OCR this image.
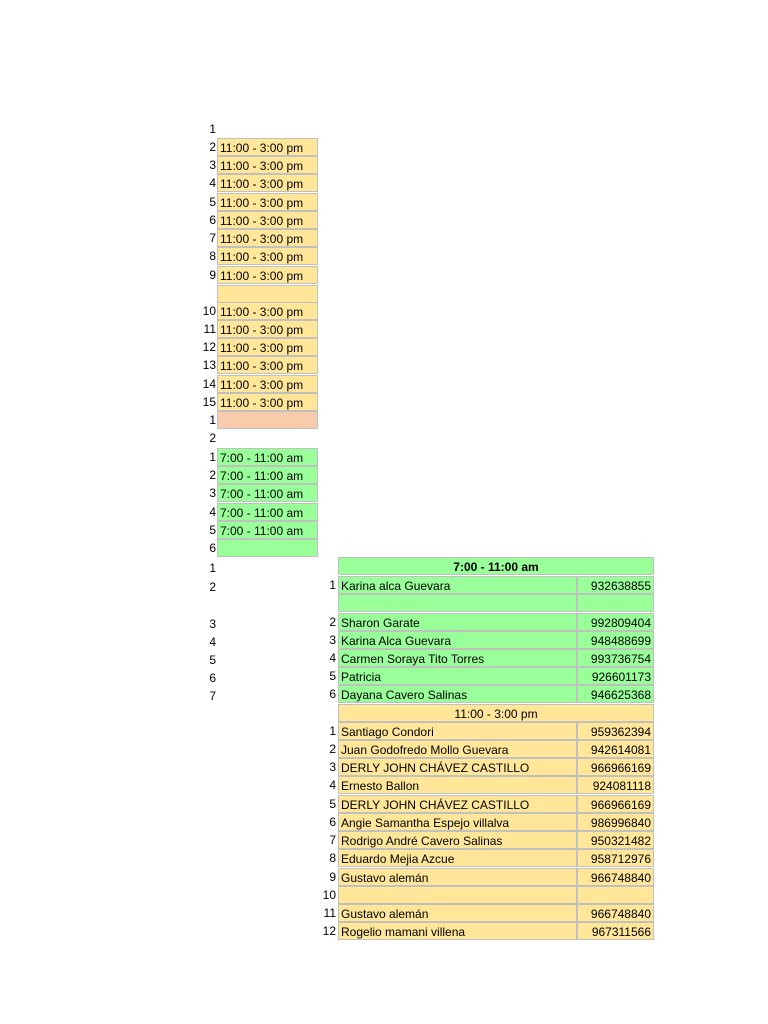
1
2 11:00 - 3:00 pm
3 11:00 - 3:00 pm
4 11:00 - 3:00 pm
5 11:00 - 3:00 pm
6 11:00 - 3:00 pm
7 11:00 - 3:00 pm
8 11:00 - 3:00 pm
9 11:00 - 3:00 pm
10 11:00 - 3:00 pm
11 11:00 - 3:00 pm
12 11:00 - 3:00 pm
13 11:00 - 3:00 pm
14 11:00 - 3:00 pm
15 11:00 - 3:00 pm
1
2
1 7:00 - 11:00 am
2 7:00 - 11:00 am
3 7:00 - 11:00 am
4 7:00 - 11:00 am
5 7:00 - 11:00 am
6
1
2
3
4
5
6
7
7:00 - 11:00 am
1 Karina alca Guevara	932638855
2 Sharon Garate	992809404
3 Karina Alca Guevara	948488699
4 Carmen Soraya Tito Torres	993736754
5 Patricia	926601173
6 Dayana Cavero Salinas	946625368
11:00 - 3:00 pm
1 Santiago Condori	959362394
2 Juan Godofredo Mollo Guevara	942614081
3 DERLY JOHN CHÁVEZ CASTILLO	966966169
4 Ernesto Ballon	924081118
5 DERLY JOHN CHÁVEZ CASTILLO	966966169
6 Angie Samantha Espejo villalva	986996840
7 Rodrigo André Cavero Salinas	950321482
8 Eduardo Mejia Azcue	958712976
9 Gustavo alemán	966748840
10
11 Gustavo alemán	966748840
12 Rogelio mamani villena	967311566
